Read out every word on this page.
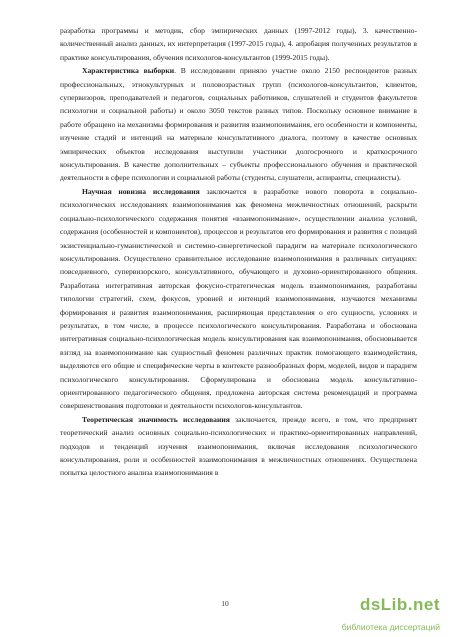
разработка программы и методик, сбор эмпирических данных (1997-2012 годы), 3. качественно-количественный анализ данных, их интерпретация (1997-2015 годы), 4. апробация полученных результатов в практике консультирования, обучения психологов-консультантов (1999-2015 годы).

Характеристика выборки. В исследовании приняло участие около 2150 респондентов разных профессиональных, этнокультурных и половозрастных групп (психологов-консультантов, клиентов, супервизоров, преподавателей и педагогов, социальных работников, слушателей и студентов факультетов психологии и социальной работы) и около 3050 текстов разных типов. Поскольку основное внимание в работе обращено на механизмы формирования и развития взаимопонимания, его особенности и компоненты, изучение стадий и интенций на материале консультативного диалога, поэтому в качестве основных эмпирических объектов исследования выступили участники долгосрочного и краткосрочного консультирования. В качестве дополнительных – субъекты профессионального обучения и практической деятельности в сфере психологии и социальной работы (студенты, слушатели, аспиранты, специалисты).

Научная новизна исследования заключается в разработке нового поворота в социально-психологических исследованиях взаимопонимания как феномена межличностных отношений, раскрыти социально-психологического содержания понятия «взаимопонимание», осуществлении анализа условий, содержания (особенностей и компонентов), процессов и результатов его формирования и развития с позиций экзистенциально-гуманистической и системно-синергетической парадигм на материале психологического консультирования. Осуществлено сравнительное исследование взаимопонимания в различных ситуациях: повседневного, супервизорского, консультативного, обучающего и духовно-ориентированного общения. Разработана интегративная авторская фокусно-стратегическая модель взаимопонимания, разработаны типологии стратегий, схем, фокусов, уровней и интенций взаимопонимания, изучаются механизмы формирования и развития взаимопонимания, расширяющая представления о его сущности, условиях и результатах, в том числе, в процессе психологического консультирования. Разработана и обоснована интегративная социально-психологическая модель консультирования как взаимопонимания, обосновывается взгляд на взаимопонимание как сущностный феномен различных практик помогающего взаимодействия, выделяются его общие и специфические черты в контексте разнообразных форм, моделей, видов и парадигм психологического консультирования. Сформулирована и обоснована модель консультативно-ориентированного педагогического общения, предложена авторская система рекомендаций и программа совершенствования подготовки и деятельности психологов-консультантов.

Теоретическая значимость исследования заключается, прежде всего, в том, что предпринят теоретический анализ основных социально-психологических и практико-ориентированных направлений, подходов и тенденций изучения взаимопонимания, включая исследования психологического консультирования, роли и особенностей взаимопонимания в межличностных отношениях. Осуществлена попытка целостного анализа взаимопонимания в

10	dsLib.net
библиотека диссертаций
